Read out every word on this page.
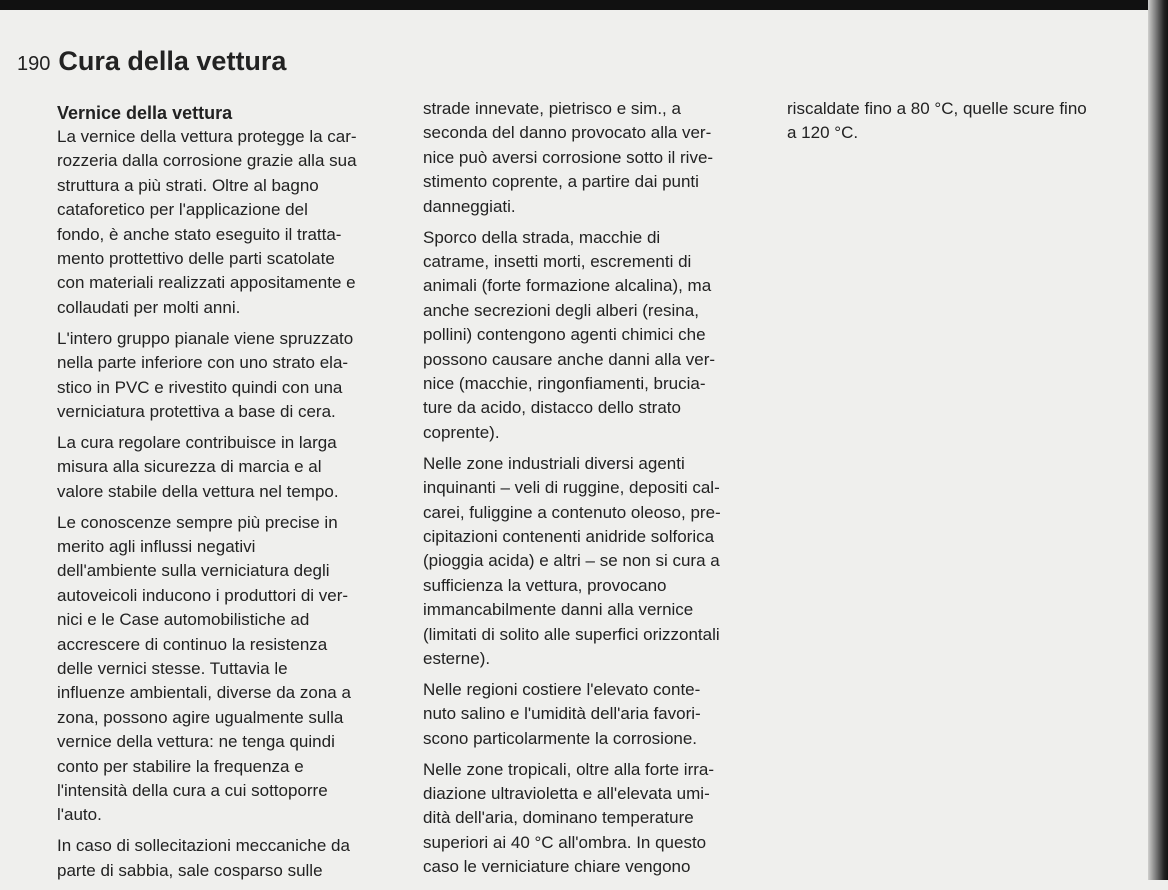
190 Cura della vettura
Vernice della vettura
La vernice della vettura protegge la car-
rozzeria dalla corrosione grazie alla sua
struttura a più strati. Oltre al bagno
cataforetico per l'applicazione del
fondo, è anche stato eseguito il tratta-
mento prottettivo delle parti scatolate
con materiali realizzati appositamente e
collaudati per molti anni.
L'intero gruppo pianale viene spruzzato
nella parte inferiore con uno strato ela-
stico in PVC e rivestito quindi con una
verniciatura protettiva a base di cera.
La cura regolare contribuisce in larga
misura alla sicurezza di marcia e al
valore stabile della vettura nel tempo.
Le conoscenze sempre più precise in
merito agli influssi negativi
dell'ambiente sulla verniciatura degli
autoveicoli inducono i produttori di ver-
nici e le Case automobilistiche ad
accrescere di continuo la resistenza
delle vernici stesse. Tuttavia le
influenze ambientali, diverse da zona a
zona, possono agire ugualmente sulla
vernice della vettura: ne tenga quindi
conto per stabilire la frequenza e
l'intensità della cura a cui sottoporre
l'auto.
In caso di sollecitazioni meccaniche da
parte di sabbia, sale cosparso sulle
strade innevate, pietrisco e sim., a
seconda del danno provocato alla ver-
nice può aversi corrosione sotto il rive-
stimento coprente, a partire dai punti
danneggiati.
Sporco della strada, macchie di
catrame, insetti morti, escrementi di
animali (forte formazione alcalina), ma
anche secrezioni degli alberi (resina,
pollini) contengono agenti chimici che
possono causare anche danni alla ver-
nice (macchie, ringonfiamenti, brucia-
ture da acido, distacco dello strato
coprente).
Nelle zone industriali diversi agenti
inquinanti – veli di ruggine, depositi cal-
carei, fuliggine a contenuto oleoso, pre-
cipitazioni contenenti anidride solforica
(pioggia acida) e altri – se non si cura a
sufficienza la vettura, provocano
immancabilmente danni alla vernice
(limitati di solito alle superfici orizzontali
esterne).
Nelle regioni costiere l'elevato conte-
nuto salino e l'umidità dell'aria favori-
scono particolarmente la corrosione.
Nelle zone tropicali, oltre alla forte irra-
diazione ultravioletta e all'elevata umi-
dità dell'aria, dominano temperature
superiori ai 40 °C all'ombra. In questo
caso le verniciature chiare vengono
riscaldate fino a 80 °C, quelle scure fino
a 120 °C.
